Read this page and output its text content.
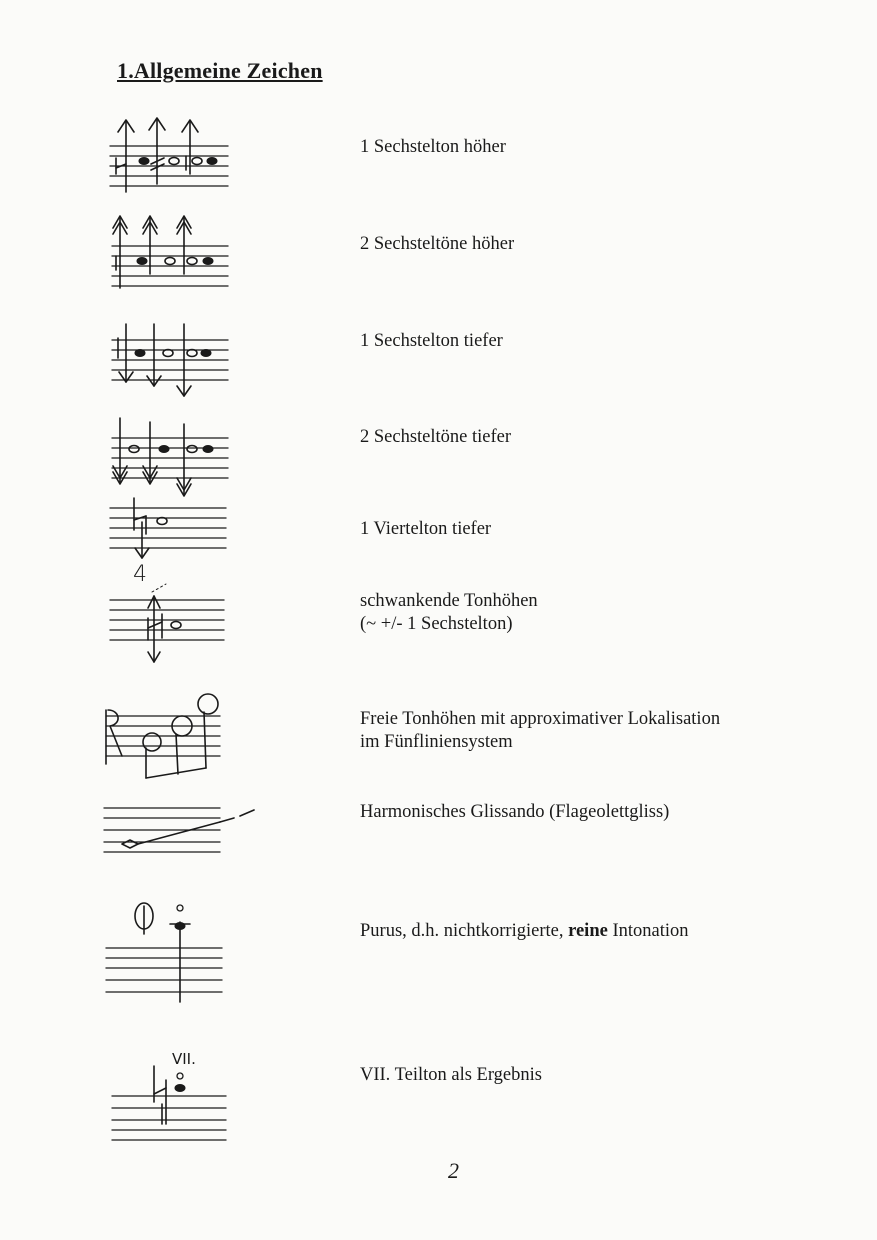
1.Allgemeine Zeichen
1 Sechstelton höher
2 Sechsteltöne höher
1 Sechstelton tiefer
2 Sechsteltöne tiefer
1 Viertelton tiefer
4
schwankende Tonhöhen
(~ +/- 1 Sechstelton)
Freie Tonhöhen mit approximativer Lokalisation
im Fünfliniensystem
Harmonisches Glissando (Flageolettgliss)
Purus, d.h. nichtkorrigierte, reine Intonation
VII.
VII. Teilton als Ergebnis
2
